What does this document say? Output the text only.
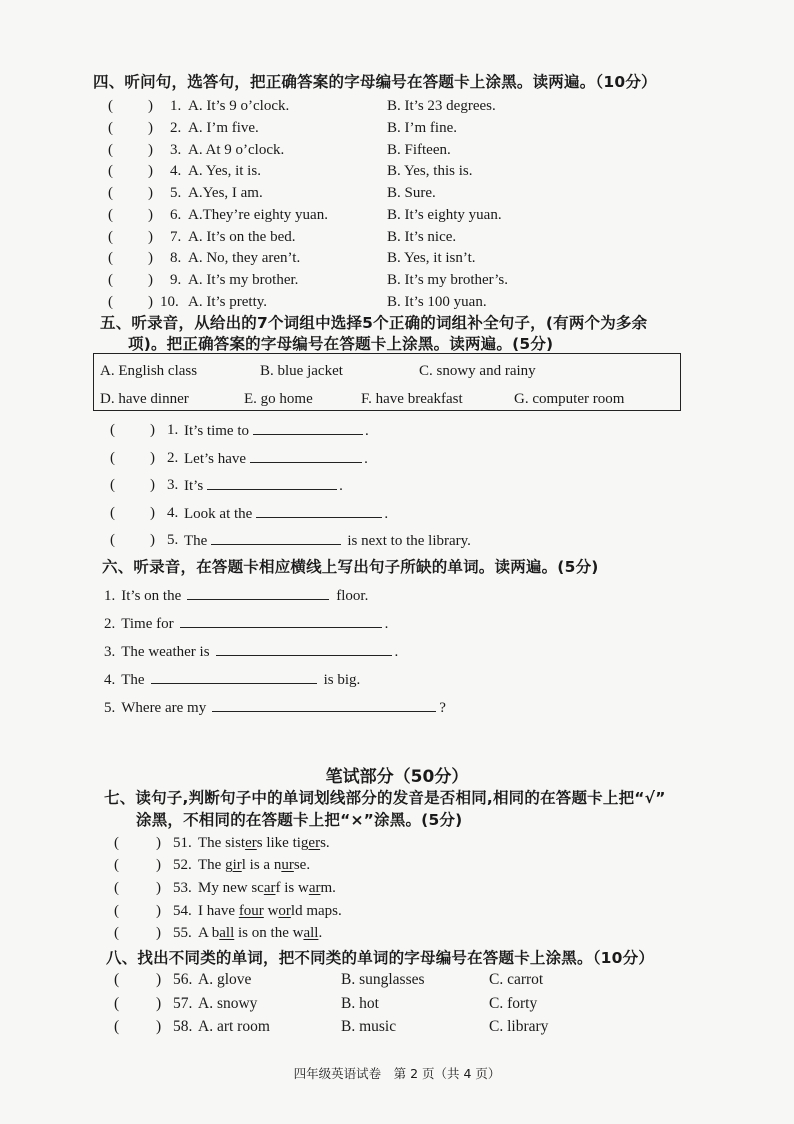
四、听问句，选答句，把正确答案的字母编号在答题卡上涂黑。读两遍。（10分）
( ) 1. A. It’s 9 o’clock.	B. It’s 23 degrees.
( ) 2. A. I’m five.	B. I’m fine.
( ) 3. A. At 9 o’clock.	B. Fifteen.
( ) 4. A. Yes, it is.	B. Yes, this is.
( ) 5. A.Yes, I am.	B. Sure.
( ) 6. A.They’re eighty yuan.	B. It’s eighty yuan.
( ) 7. A. It’s on the bed.	B. It’s nice.
( ) 8. A. No, they aren’t.	B. Yes, it isn’t.
( ) 9. A. It’s my brother.	B. It’s my brother’s.
( ) 10. A. It’s pretty.	B. It’s 100 yuan.
五、听录音，从给出的7个词组中选择5个正确的词组补全句子，(有两个为多余
项)。把正确答案的字母编号在答题卡上涂黑。读两遍。(5分)
A. English class	B. blue jacket	C. snowy and rainy
D. have dinner	E. go home	F. have breakfast	G. computer room
( ) 1. It’s time to	.
( ) 2. Let’s have	.
( ) 3. It’s	.
( ) 4. Look at the	.
( ) 5. The	is next to the library.
六、听录音，在答题卡相应横线上写出句子所缺的单词。读两遍。(5分)
1. It’s on the	floor.
2. Time for	.
3. The weather is	.
4. The	is big.
5. Where are my	?
笔试部分（50分）
七、读句子,判断句子中的单词划线部分的发音是否相同,相同的在答题卡上把“√”
涂黑，不相同的在答题卡上把“×”涂黑。(5分)
( ) 51. The sisters like tigers.
( ) 52. The girl is a nurse.
( ) 53. My new scarf is warm.
( ) 54. I have four world maps.
( ) 55. A ball is on the wall.
八、找出不同类的单词，把不同类的单词的字母编号在答题卡上涂黑。（10分）
( ) 56. A. glove	B. sunglasses	C. carrot
( ) 57. A. snowy	B. hot	C. forty
( ) 58. A. art room	B. music	C. library
四年级英语试卷　第 2 页（共 4 页）
